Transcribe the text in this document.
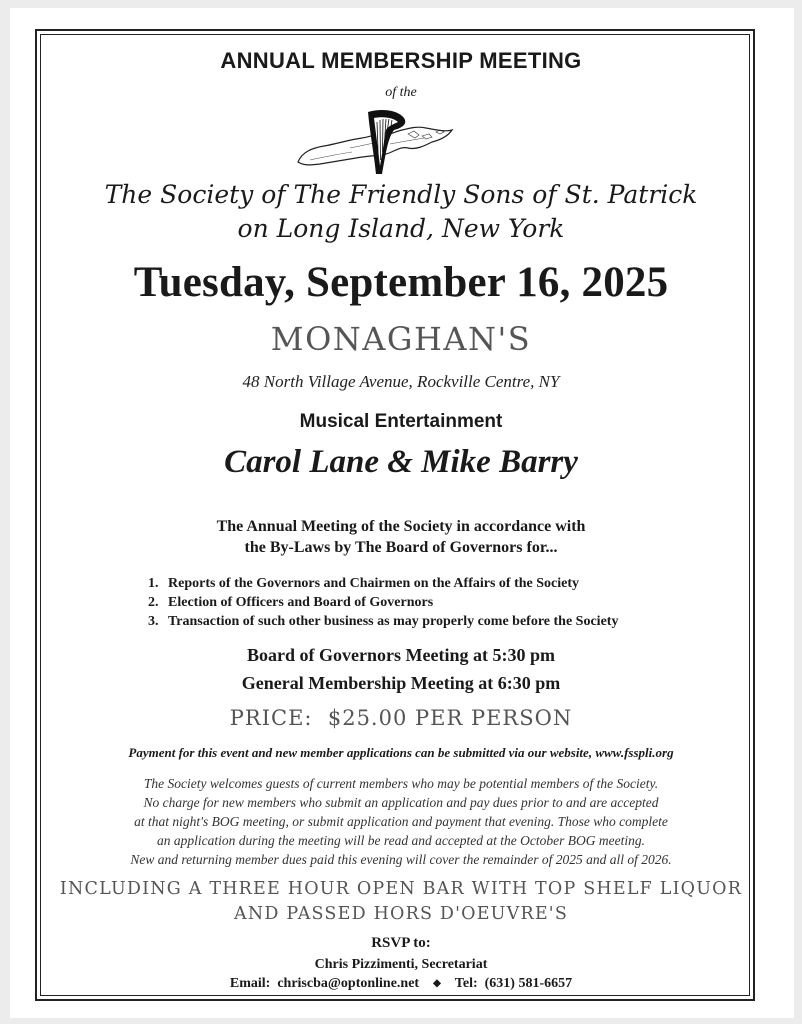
ANNUAL MEMBERSHIP MEETING

of the

The Society of The Friendly Sons of St. Patrick

on Long Island, New York

Tuesday, September 16, 2025

MONAGHAN'S

48 North Village Avenue, Rockville Centre, NY

Musical Entertainment

Carol Lane & Mike Barry

The Annual Meeting of the Society in accordance with

the By-Laws by The Board of Governors for...

1. Reports of the Governors and Chairmen on the Affairs of the Society
2. Election of Officers and Board of Governors
3. Transaction of such other business as may properly come before the Society

Board of Governors Meeting at 5:30 pm

General Membership Meeting at 6:30 pm

PRICE:  $25.00 PER PERSON

Payment for this event and new member applications can be submitted via our website, www.fsspli.org

The Society welcomes guests of current members who may be potential members of the Society.
No charge for new members who submit an application and pay dues prior to and are accepted
at that night's BOG meeting, or submit application and payment that evening. Those who complete
an application during the meeting will be read and accepted at the October BOG meeting.
New and returning member dues paid this evening will cover the remainder of 2025 and all of 2026.

INCLUDING A THREE HOUR OPEN BAR WITH TOP SHELF LIQUOR

AND PASSED HORS D'OEUVRE'S

RSVP to:

Chris Pizzimenti, Secretariat

Email:  chriscba@optonline.net ◆ Tel:  (631) 581-6657
